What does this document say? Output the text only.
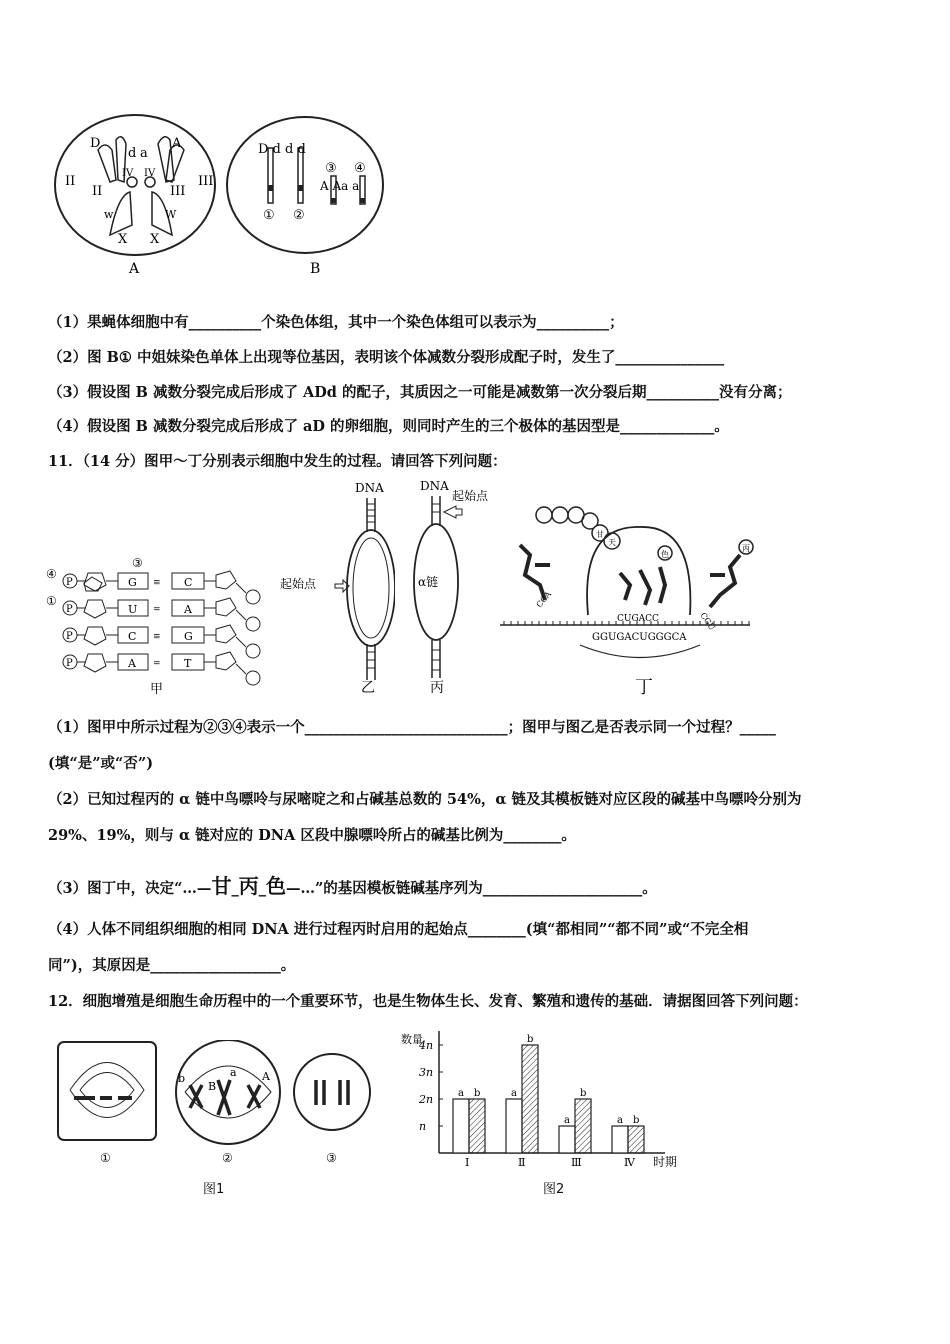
D
d a
A
II
II
IV IV
III
III
w	W
X X
A
D d d d
③ ④
A Aa a
① ②
B
（1）果蝇体细胞中有__________个染色体组，其中一个染色体组可以表示为__________；
（2）图 B① 中姐妹染色单体上出现等位基因，表明该个体减数分裂形成配子时，发生了_______________
（3）假设图 B 减数分裂完成后形成了 ADd 的配子，其质因之一可能是减数第一次分裂后期__________没有分离；
（4）假设图 B 减数分裂完成后形成了 aD 的卵细胞，则同时产生的三个极体的基因型是_____________。
11．（14 分）图甲～丁分别表示细胞中发生的过程。请回答下列问题：
③
④
①
P	G ≡ C
P	U = A
P	C ≡ G
P	A = T
甲
DNA
起始点
乙
DNA
起始点
α链
丙
甘
天
色
CCA
丙
CGU
CUGACC
GGUGACUGGGCA
丁
（1）图甲中所示过程为②③④表示一个____________________________；图甲与图乙是否表示同一个过程？_____
(填“是”或“否”)
（2）已知过程丙的 α 链中鸟嘌呤与尿嘧啶之和占碱基总数的 54%，α 链及其模板链对应区段的碱基中鸟嘌呤分别为
29%、19%，则与 α 链对应的 DNA 区段中腺嘌呤所占的碱基比例为________。
（3）图丁中，决定“…—甘_丙_色—…”的基因模板链碱基序列为______________________。
（4）人体不同组织细胞的相同 DNA 进行过程丙时启用的起始点________(填“都相同”“都不同”或“不完全相
同”)，其原因是__________________。
12．细胞增殖是细胞生命历程中的一个重要环节，也是生物体生长、发育、繁殖和遗传的基础．请据图回答下列问题：
①
b
B
a A
②	③
图1
数量
时期
n
2n
3n
4n
a b
Ⅰ
a
b
Ⅱ
a
b
Ⅲ
a b
Ⅳ
图2
